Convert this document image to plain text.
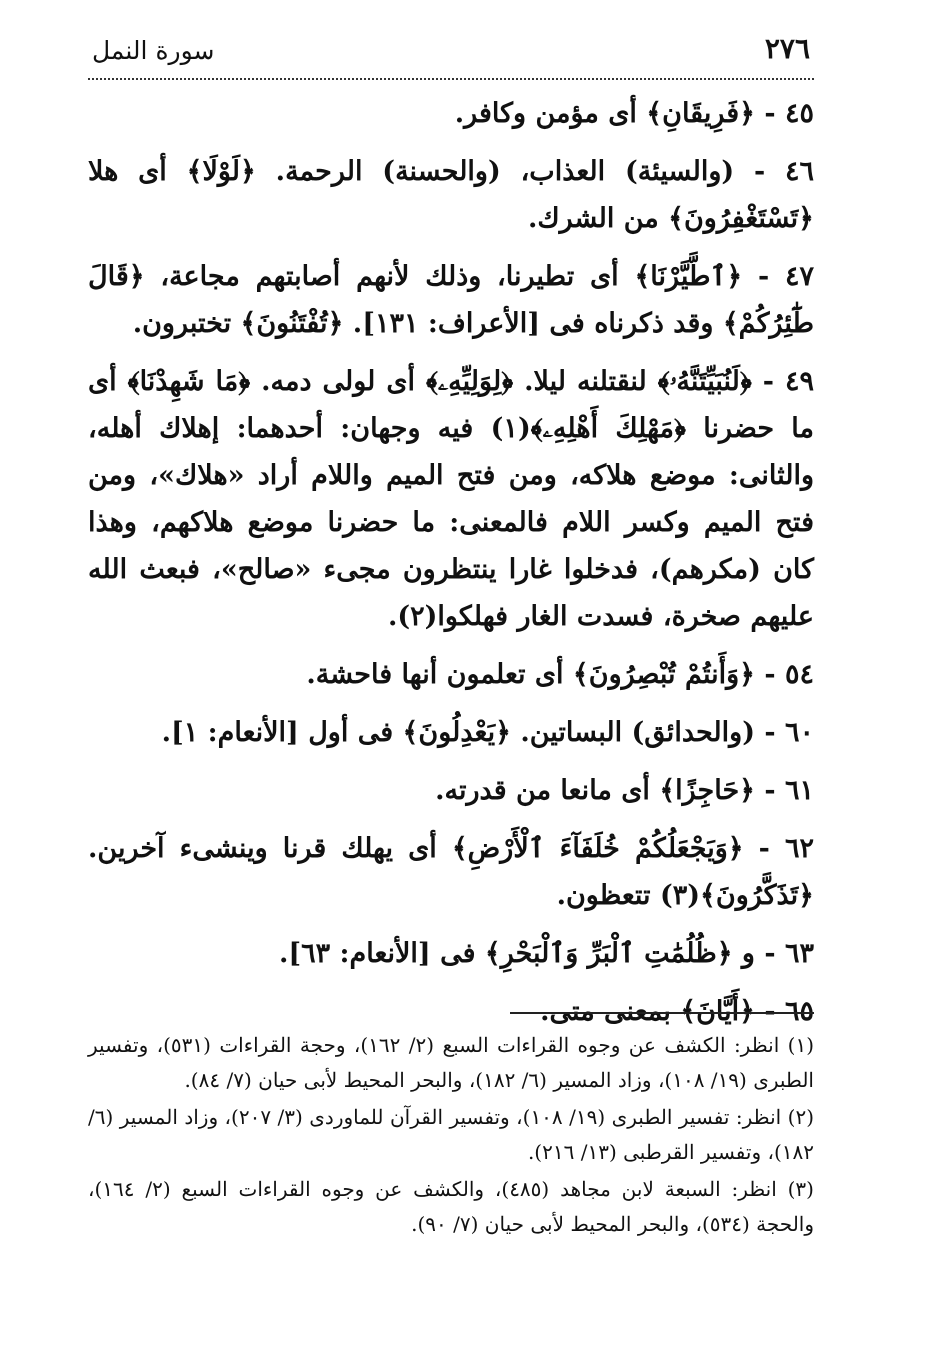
٢٧٦
سورة النمل

٤٥ - ﴿فَرِيقَانِ﴾ أى مؤمن وكافر.

٤٦ - (والسيئة) العذاب، (والحسنة) الرحمة. ﴿لَوْلَا﴾ أى هلا ﴿تَسْتَغْفِرُونَ﴾ من الشرك.

٤٧ - ﴿ٱطَّيَّرْنَا﴾ أى تطيرنا، وذلك لأنهم أصابتهم مجاعة، ﴿قَالَ طَٰٓئِرُكُمْ﴾ وقد ذكرناه فى [الأعراف: ١٣١]. ﴿تُفْتَنُونَ﴾ تختبرون.

٤٩ - ﴿لَنُبَيِّتَنَّهُۥ﴾ لنقتلنه ليلا. ﴿لِوَلِيِّهِۦ﴾ أى لولى دمه. ﴿مَا شَهِدْنَا﴾ أى ما حضرنا ﴿مَهْلِكَ أَهْلِهِۦ﴾(١) فيه وجهان: أحدهما: إهلاك أهله، والثانى: موضع هلاكه، ومن فتح الميم واللام أراد «هلاك»، ومن فتح الميم وكسر اللام فالمعنى: ما حضرنا موضع هلاكهم، وهذا كان (مكرهم)، فدخلوا غارا ينتظرون مجىء «صالح»، فبعث الله عليهم صخرة، فسدت الغار فهلكوا(٢).

٥٤ - ﴿وَأَنتُمْ تُبْصِرُونَ﴾ أى تعلمون أنها فاحشة.

٦٠ - (والحدائق) البساتين. ﴿يَعْدِلُونَ﴾ فى أول [الأنعام: ١].

٦١ - ﴿حَاجِزًا﴾ أى مانعا من قدرته.

٦٢ - ﴿وَيَجْعَلُكُمْ خُلَفَآءَ ٱلْأَرْضِ﴾ أى يهلك قرنا وينشىء آخرين. ﴿تَذَكَّرُونَ﴾(٣) تتعظون.

٦٣ - و ﴿ظُلُمَٰتِ ٱلْبَرِّ وَٱلْبَحْرِ﴾ فى [الأنعام: ٦٣].

٦٥ - ﴿أَيَّانَ﴾ بمعنى متى.

(١) انظر: الكشف عن وجوه القراءات السبع (٢/ ١٦٢)، وحجة القراءات (٥٣١)، وتفسير الطبرى (١٩/ ١٠٨)، وزاد المسير (٦/ ١٨٢)، والبحر المحيط لأبى حيان (٧/ ٨٤).

(٢) انظر: تفسير الطبرى (١٩/ ١٠٨)، وتفسير القرآن للماوردى (٣/ ٢٠٧)، وزاد المسير (٦/ ١٨٢)، وتفسير القرطبى (١٣/ ٢١٦).

(٣) انظر: السبعة لابن مجاهد (٤٨٥)، والكشف عن وجوه القراءات السبع (٢/ ١٦٤)، والحجة (٥٣٤)، والبحر المحيط لأبى حيان (٧/ ٩٠).
